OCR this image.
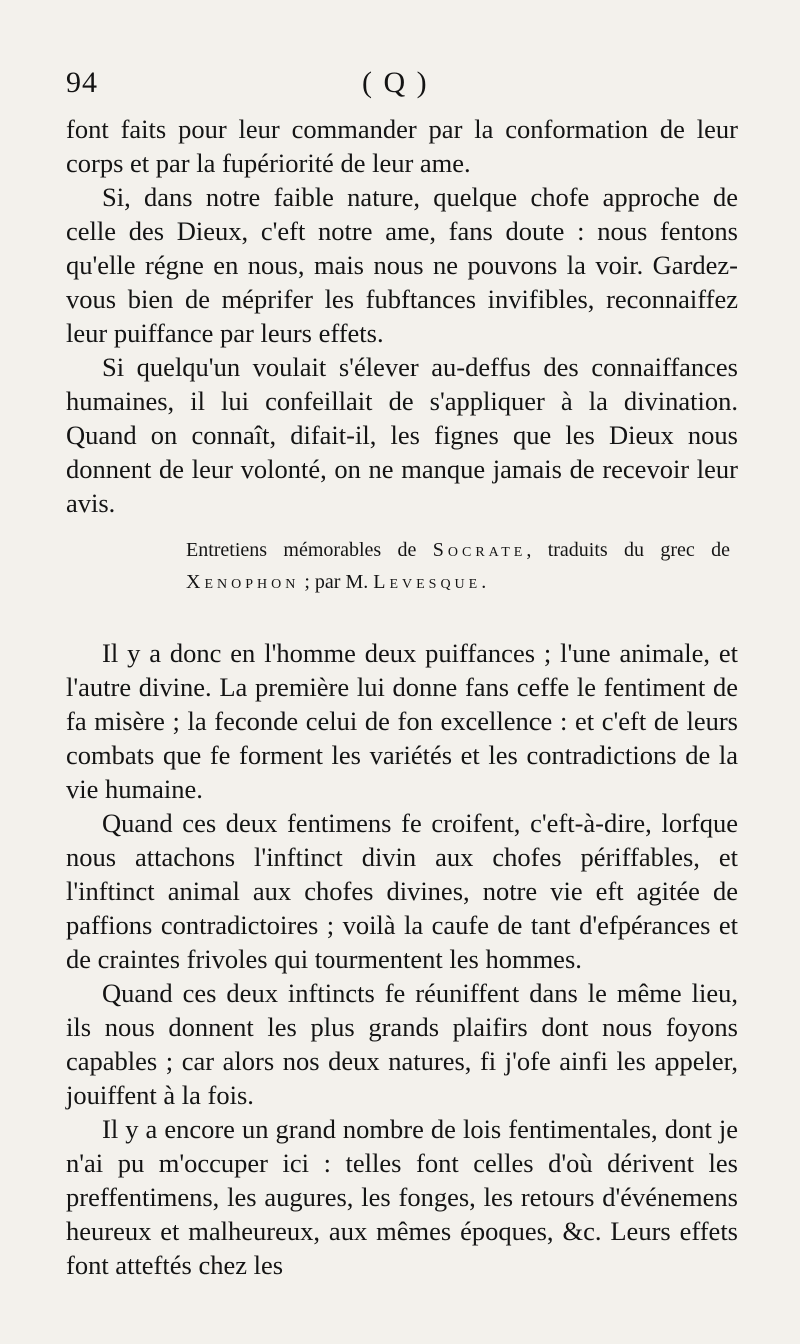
94	( Q )

font faits pour leur commander par la conformation de leur corps et par la fupériorité de leur ame.

Si, dans notre faible nature, quelque chofe approche de celle des Dieux, c'eft notre ame, fans doute : nous fentons qu'elle régne en nous, mais nous ne pouvons la voir. Gardez-vous bien de méprifer les fubftances invifibles, reconnaiffez leur puiffance par leurs effets.

Si quelqu'un voulait s'élever au-deffus des connaiffances humaines, il lui confeillait de s'appliquer à la divination. Quand on connaît, difait-il, les fignes que les Dieux nous donnent de leur volonté, on ne manque jamais de recevoir leur avis.

Entretiens mémorables de Socrate, traduits du grec de Xenophon ; par M. Levesque.

Il y a donc en l'homme deux puiffances ; l'une animale, et l'autre divine. La première lui donne fans ceffe le fentiment de fa misère ; la feconde celui de fon excellence : et c'eft de leurs combats que fe forment les variétés et les contradictions de la vie humaine.

Quand ces deux fentimens fe croifent, c'eft-à-dire, lorfque nous attachons l'inftinct divin aux chofes périffables, et l'inftinct animal aux chofes divines, notre vie eft agitée de paffions contradictoires ; voilà la caufe de tant d'efpérances et de craintes frivoles qui tourmentent les hommes.

Quand ces deux inftincts fe réuniffent dans le même lieu, ils nous donnent les plus grands plaifirs dont nous foyons capables ; car alors nos deux natures, fi j'ofe ainfi les appeler, jouiffent à la fois.

Il y a encore un grand nombre de lois fentimentales, dont je n'ai pu m'occuper ici : telles font celles d'où dérivent les preffentimens, les augures, les fonges, les retours d'événemens heureux et malheureux, aux mêmes époques, &c. Leurs effets font atteftés chez les
